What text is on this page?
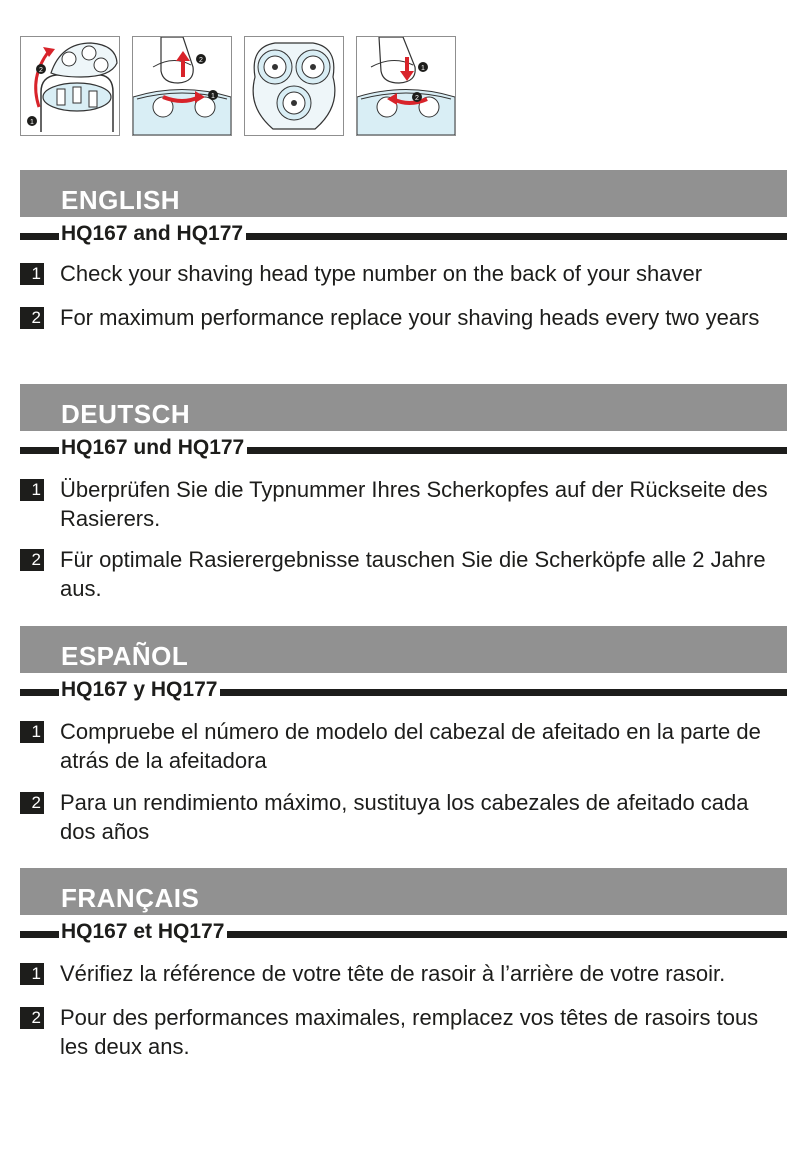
2
1
2
1
1
2
ENGLISH
HQ167 and HQ177
1 Check your shaving head type number on the back of your shaver
2 For maximum performance replace your shaving heads every two years
DEUTSCH
HQ167 und HQ177
1 Überprüfen Sie die Typnummer Ihres Scherkopfes auf der Rückseite des Rasierers.
2 Für optimale Rasierergebnisse tauschen Sie die Scherköpfe alle 2 Jahre aus.
ESPAÑOL
HQ167 y HQ177
1 Compruebe el número de modelo del cabezal de afeitado en la parte de atrás de la afeitadora
2 Para un rendimiento máximo, sustituya los cabezales de afeitado cada dos años
FRANÇAIS
HQ167 et HQ177
1 Vérifiez la référence de votre tête de rasoir à l’arrière de votre rasoir.
2 Pour des performances maximales, remplacez vos têtes de rasoirs tous les deux ans.
